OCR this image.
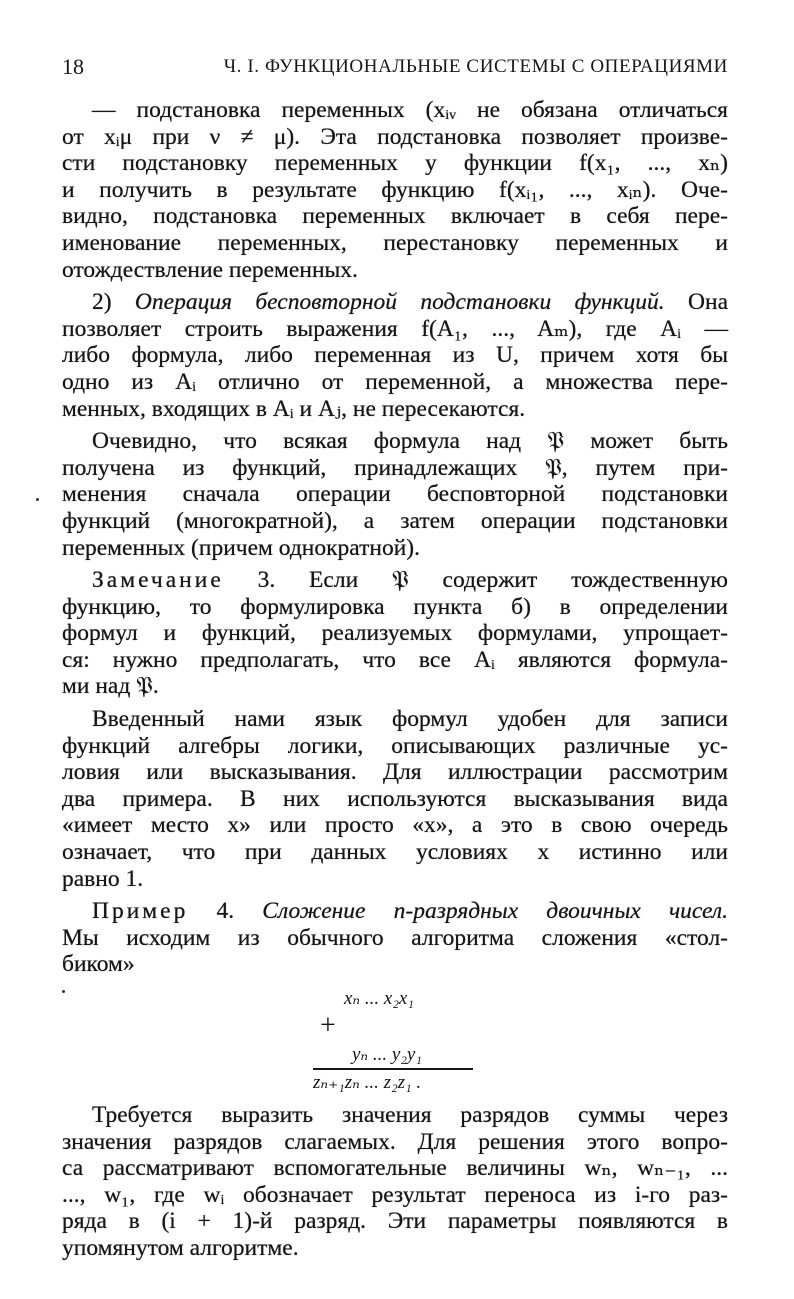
18	Ч. I. ФУНКЦИОНАЛЬНЫЕ СИСТЕМЫ С ОПЕРАЦИЯМИ
— подстановка переменных (xᵢᵥ не обязана отличаться
от xᵢμ при ν ≠ μ). Эта подстановка позволяет произве-
сти подстановку переменных у функции f(x₁, ..., xₙ)
и получить в результате функцию f(xᵢ₁, ..., xᵢₙ). Оче-
видно, подстановка переменных включает в себя пере-
именование переменных, перестановку переменных и
отождествление переменных.
2) Операция бесповторной подстановки функций. Она
позволяет строить выражения f(A₁, ..., Aₘ), где Aᵢ —
либо формула, либо переменная из U, причем хотя бы
одно из Aᵢ отлично от переменной, а множества пере-
менных, входящих в Aᵢ и Aⱼ, не пересекаются.
Очевидно, что всякая формула над 𝔓 может быть
получена из функций, принадлежащих 𝔓, путем при-
менения сначала операции бесповторной подстановки
функций (многократной), а затем операции подстановки
переменных (причем однократной).
Замечание 3. Если 𝔓 содержит тождественную
функцию, то формулировка пункта б) в определении
формул и функций, реализуемых формулами, упрощает-
ся: нужно предполагать, что все Aᵢ являются формула-
ми над 𝔓.
Введенный нами язык формул удобен для записи
функций алгебры логики, описывающих различные ус-
ловия или высказывания. Для иллюстрации рассмотрим
два примера. В них используются высказывания вида
«имеет место x» или просто «x», а это в свою очередь
означает, что при данных условиях x истинно или
равно 1.
Пример 4. Сложение n-разрядных двоичных чисел.
Мы исходим из обычного алгоритма сложения «стол-
биком»
xₙ ... x₂x₁
+
yₙ ... y₂y₁
zₙ₊₁zₙ ... z₂z₁ .
Требуется выразить значения разрядов суммы через
значения разрядов слагаемых. Для решения этого вопро-
са рассматривают вспомогательные величины wₙ, wₙ₋₁, ...
..., w₁, где wᵢ обозначает результат переноса из i-го раз-
ряда в (i + 1)-й разряд. Эти параметры появляются в
упомянутом алгоритме.
